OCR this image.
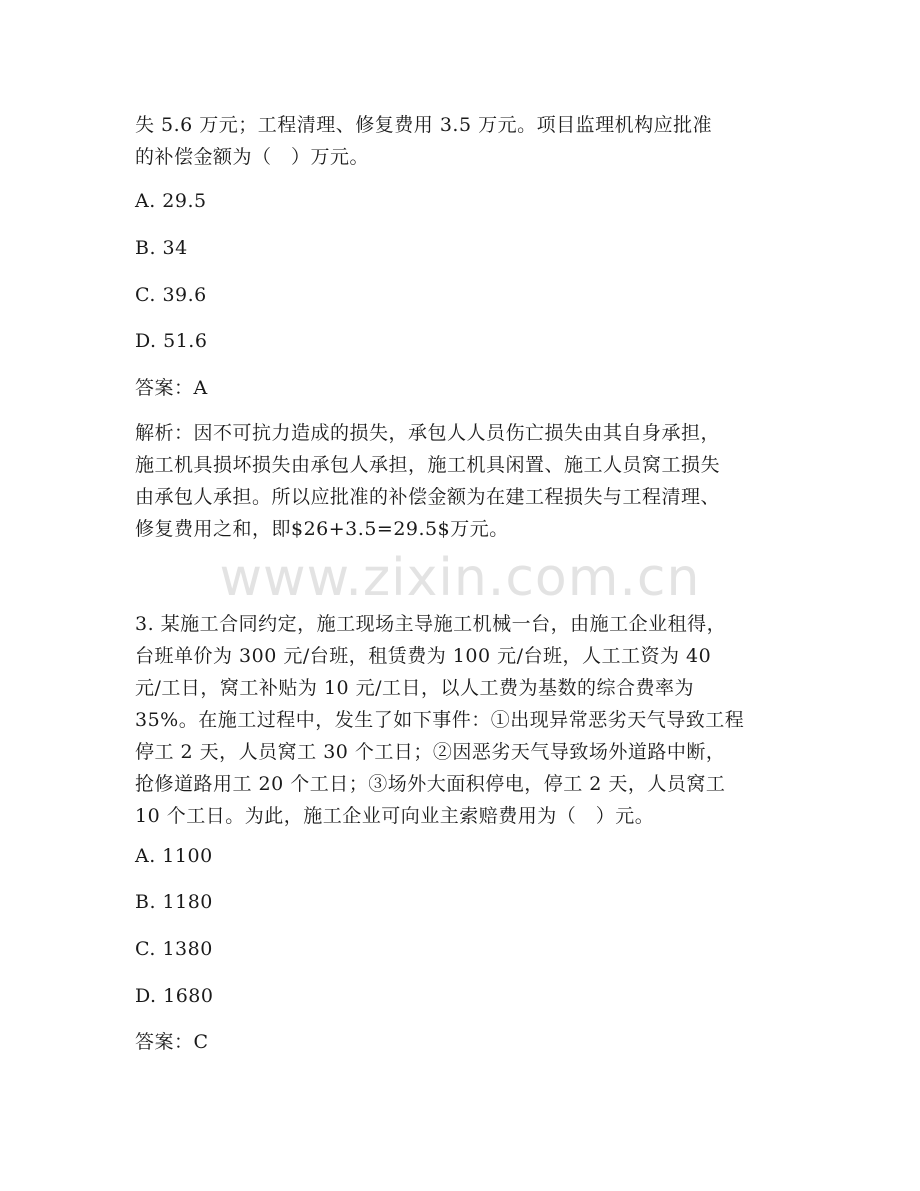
失 5.6 万元；工程清理、修复费用 3.5 万元。项目监理机构应批准
的补偿金额为（　）万元。
A. 29.5
B. 34
C. 39.6
D. 51.6
答案：A
解析：因不可抗力造成的损失，承包人人员伤亡损失由其自身承担，
施工机具损坏损失由承包人承担，施工机具闲置、施工人员窝工损失
由承包人承担。所以应批准的补偿金额为在建工程损失与工程清理、
修复费用之和，即$26+3.5=29.5$万元。
www.zixin.com.cn
3. 某施工合同约定，施工现场主导施工机械一台，由施工企业租得，
台班单价为 300 元/台班，租赁费为 100 元/台班，人工工资为 40
元/工日，窝工补贴为 10 元/工日，以人工费为基数的综合费率为
35%。在施工过程中，发生了如下事件：①出现异常恶劣天气导致工程
停工 2 天，人员窝工 30 个工日；②因恶劣天气导致场外道路中断，
抢修道路用工 20 个工日；③场外大面积停电，停工 2 天，人员窝工
10 个工日。为此，施工企业可向业主索赔费用为（　）元。
A. 1100
B. 1180
C. 1380
D. 1680
答案：C
